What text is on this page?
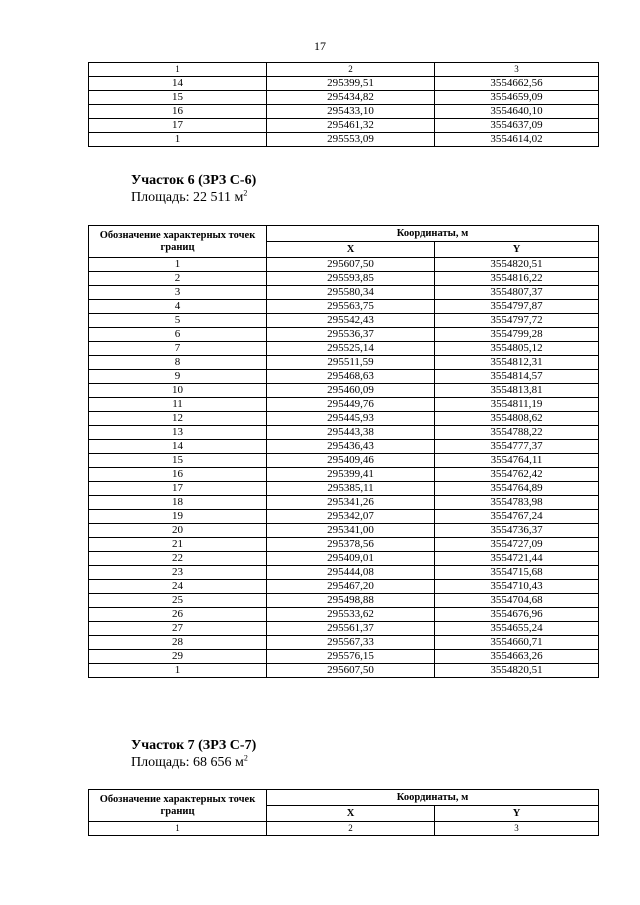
17
1	2	3
14	295399,51	3554662,56
15	295434,82	3554659,09
16	295433,10	3554640,10
17	295461,32	3554637,09
1	295553,09	3554614,02
Участок 6 (ЗРЗ С-6)
Площадь: 22 511 $м^2$
Обозначение характерных точек границ	Координаты, м	
	X	Y
1	295607,50	3554820,51
2	295593,85	3554816,22
3	295580,34	3554807,37
4	295563,75	3554797,87
5	295542,43	3554797,72
6	295536,37	3554799,28
7	295525,14	3554805,12
8	295511,59	3554812,31
9	295468,63	3554814,57
10	295460,09	3554813,81
11	295449,76	3554811,19
12	295445,93	3554808,62
13	295443,38	3554788,22
14	295436,43	3554777,37
15	295409,46	3554764,11
16	295399,41	3554762,42
17	295385,11	3554764,89
18	295341,26	3554783,98
19	295342,07	3554767,24
20	295341,00	3554736,37
21	295378,56	3554727,09
22	295409,01	3554721,44
23	295444,08	3554715,68
24	295467,20	3554710,43
25	295498,88	3554704,68
26	295533,62	3554676,96
27	295561,37	3554655,24
28	295567,33	3554660,71
29	295576,15	3554663,26
1	295607,50	3554820,51
Участок 7 (ЗРЗ С-7)
Площадь: 68 656 $м^2$
Обозначение характерных точек границ	Координаты, м	
	X	Y
1	2	3
